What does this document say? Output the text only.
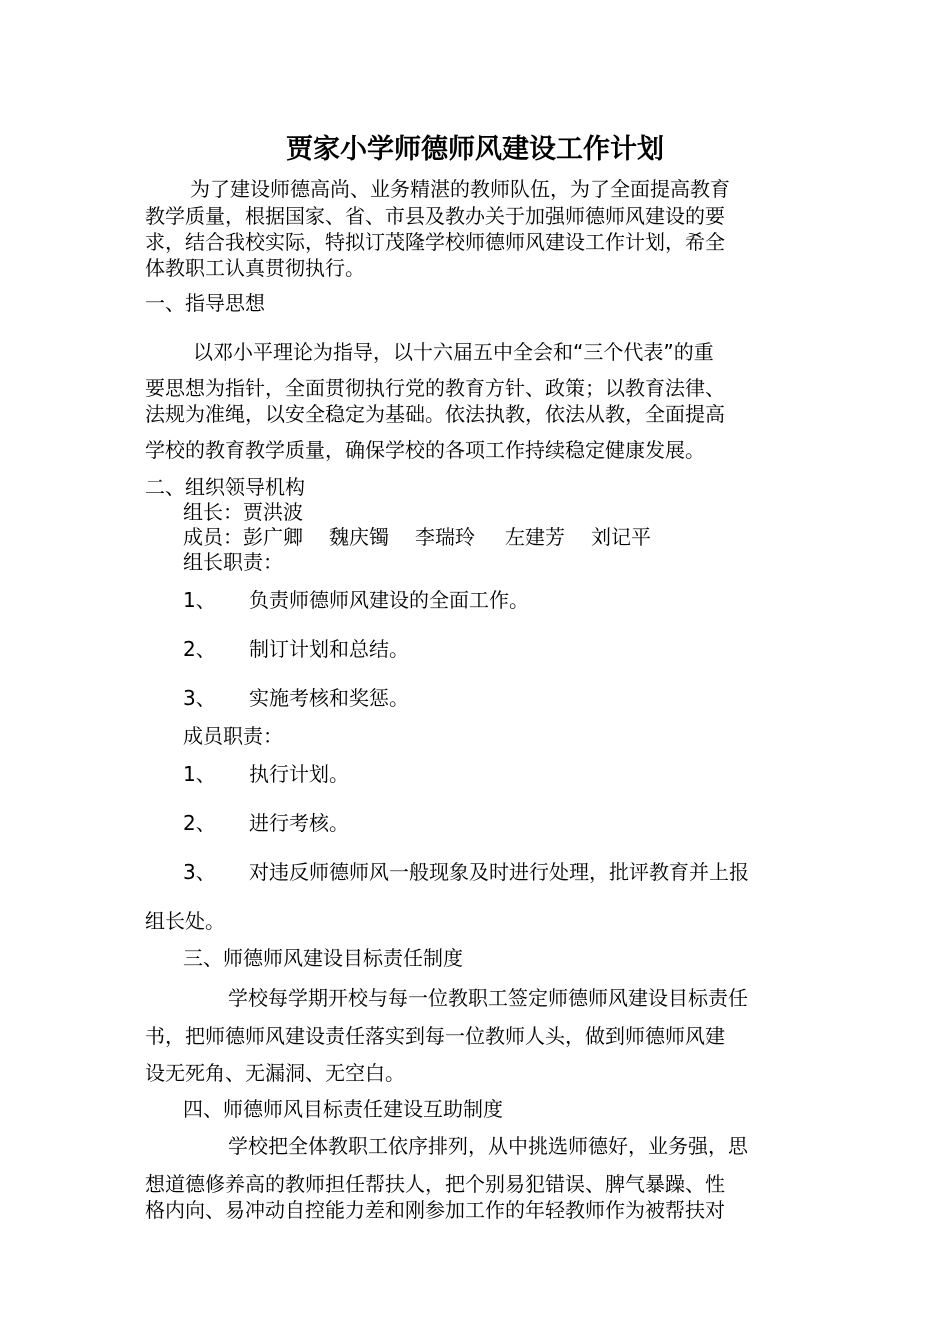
贾家小学师德师风建设工作计划
为了建设师德高尚、业务精湛的教师队伍，为了全面提高教育
教学质量，根据国家、省、市县及教办关于加强师德师风建设的要
求，结合我校实际，特拟订茂隆学校师德师风建设工作计划，希全
体教职工认真贯彻执行。
一、指导思想
以邓小平理论为指导，以十六届五中全会和“三个代表”的重
要思想为指针，全面贯彻执行党的教育方针、政策；以教育法律、
法规为准绳，以安全稳定为基础。依法执教，依法从教，全面提高
学校的教育教学质量，确保学校的各项工作持续稳定健康发展。
二、组织领导机构
组长：贾洪波
成员：彭广卿 魏庆镯 李瑞玲 左建芳 刘记平
组长职责：
1、 负责师德师风建设的全面工作。
2、 制订计划和总结。
3、 实施考核和奖惩。
成员职责：
1、 执行计划。
2、 进行考核。
3、 对违反师德师风一般现象及时进行处理，批评教育并上报
组长处。
三、师德师风建设目标责任制度
学校每学期开校与每一位教职工签定师德师风建设目标责任
书，把师德师风建设责任落实到每一位教师人头，做到师德师风建
设无死角、无漏洞、无空白。
四、师德师风目标责任建设互助制度
学校把全体教职工依序排列，从中挑选师德好，业务强，思
想道德修养高的教师担任帮扶人，把个别易犯错误、脾气暴躁、性
格内向、易冲动自控能力差和刚参加工作的年轻教师作为被帮扶对
